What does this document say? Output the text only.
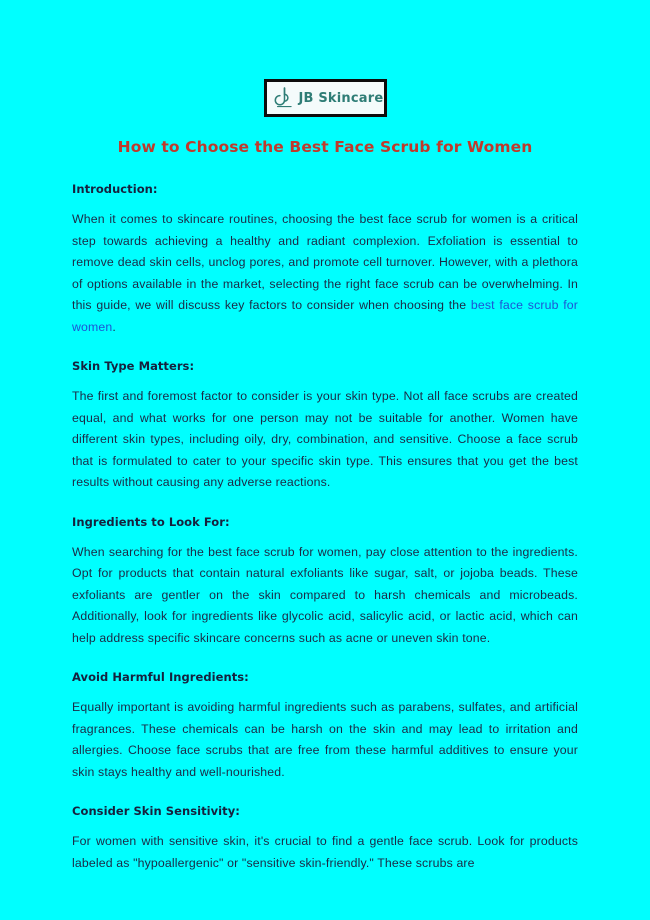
JB Skincare
How to Choose the Best Face Scrub for Women
Introduction:

When it comes to skincare routines, choosing the best face scrub for women is a critical step towards achieving a healthy and radiant complexion. Exfoliation is essential to remove dead skin cells, unclog pores, and promote cell turnover. However, with a plethora of options available in the market, selecting the right face scrub can be overwhelming. In this guide, we will discuss key factors to consider when choosing the best face scrub for women.

Skin Type Matters:

The first and foremost factor to consider is your skin type. Not all face scrubs are created equal, and what works for one person may not be suitable for another. Women have different skin types, including oily, dry, combination, and sensitive. Choose a face scrub that is formulated to cater to your specific skin type. This ensures that you get the best results without causing any adverse reactions.

Ingredients to Look For:

When searching for the best face scrub for women, pay close attention to the ingredients. Opt for products that contain natural exfoliants like sugar, salt, or jojoba beads. These exfoliants are gentler on the skin compared to harsh chemicals and microbeads. Additionally, look for ingredients like glycolic acid, salicylic acid, or lactic acid, which can help address specific skincare concerns such as acne or uneven skin tone.

Avoid Harmful Ingredients:

Equally important is avoiding harmful ingredients such as parabens, sulfates, and artificial fragrances. These chemicals can be harsh on the skin and may lead to irritation and allergies. Choose face scrubs that are free from these harmful additives to ensure your skin stays healthy and well-nourished.

Consider Skin Sensitivity:

For women with sensitive skin, it's crucial to find a gentle face scrub. Look for products labeled as "hypoallergenic" or "sensitive skin-friendly." These scrubs are
